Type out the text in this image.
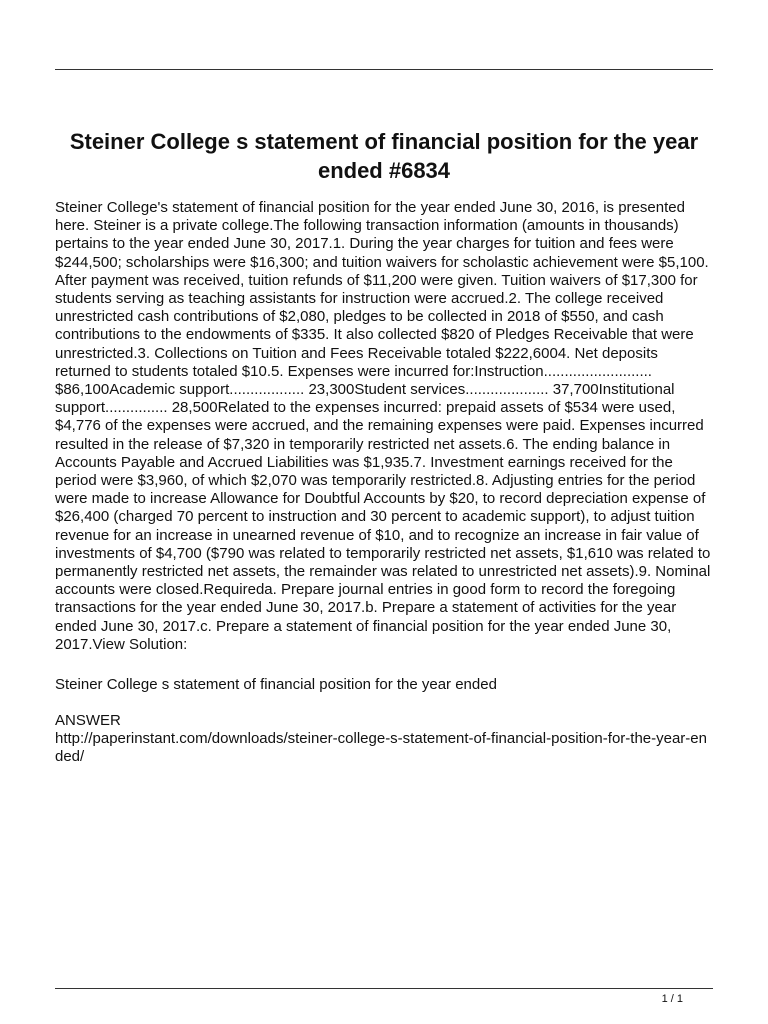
Steiner College s statement of financial position for the year ended #6834

Steiner College's statement of financial position for the year ended June 30, 2016, is presented here. Steiner is a private college.The following transaction information (amounts in thousands) pertains to the year ended June 30, 2017.1. During the year charges for tuition and fees were $244,500; scholarships were $16,300; and tuition waivers for scholastic achievement were $5,100. After payment was received, tuition refunds of $11,200 were given. Tuition waivers of $17,300 for students serving as teaching assistants for instruction were accrued.2. The college received unrestricted cash contributions of $2,080, pledges to be collected in 2018 of $550, and cash contributions to the endowments of $335. It also collected $820 of Pledges Receivable that were unrestricted.3. Collections on Tuition and Fees Receivable totaled $222,6004. Net deposits returned to students totaled $10.5. Expenses were incurred for:Instruction.......................... $86,100Academic support.................. 23,300Student services.................... 37,700Institutional support............... 28,500Related to the expenses incurred: prepaid assets of $534 were used, $4,776 of the expenses were accrued, and the remaining expenses were paid. Expenses incurred resulted in the release of $7,320 in temporarily restricted net assets.6. The ending balance in Accounts Payable and Accrued Liabilities was $1,935.7. Investment earnings received for the period were $3,960, of which $2,070 was temporarily restricted.8. Adjusting entries for the period were made to increase Allowance for Doubtful Accounts by $20, to record depreciation expense of $26,400 (charged 70 percent to instruction and 30 percent to academic support), to adjust tuition revenue for an increase in unearned revenue of $10, and to recognize an increase in fair value of investments of $4,700 ($790 was related to temporarily restricted net assets, $1,610 was related to permanently restricted net assets, the remainder was related to unrestricted net assets).9. Nominal accounts were closed.Requireda. Prepare journal entries in good form to record the foregoing transactions for the year ended June 30, 2017.b. Prepare a statement of activities for the year ended June 30, 2017.c. Prepare a statement of financial position for the year ended June 30, 2017.View Solution:

Steiner College s statement of financial position for the year ended

ANSWER

http://paperinstant.com/downloads/steiner-college-s-statement-of-financial-position-for-the-year-ended/

1 / 1
